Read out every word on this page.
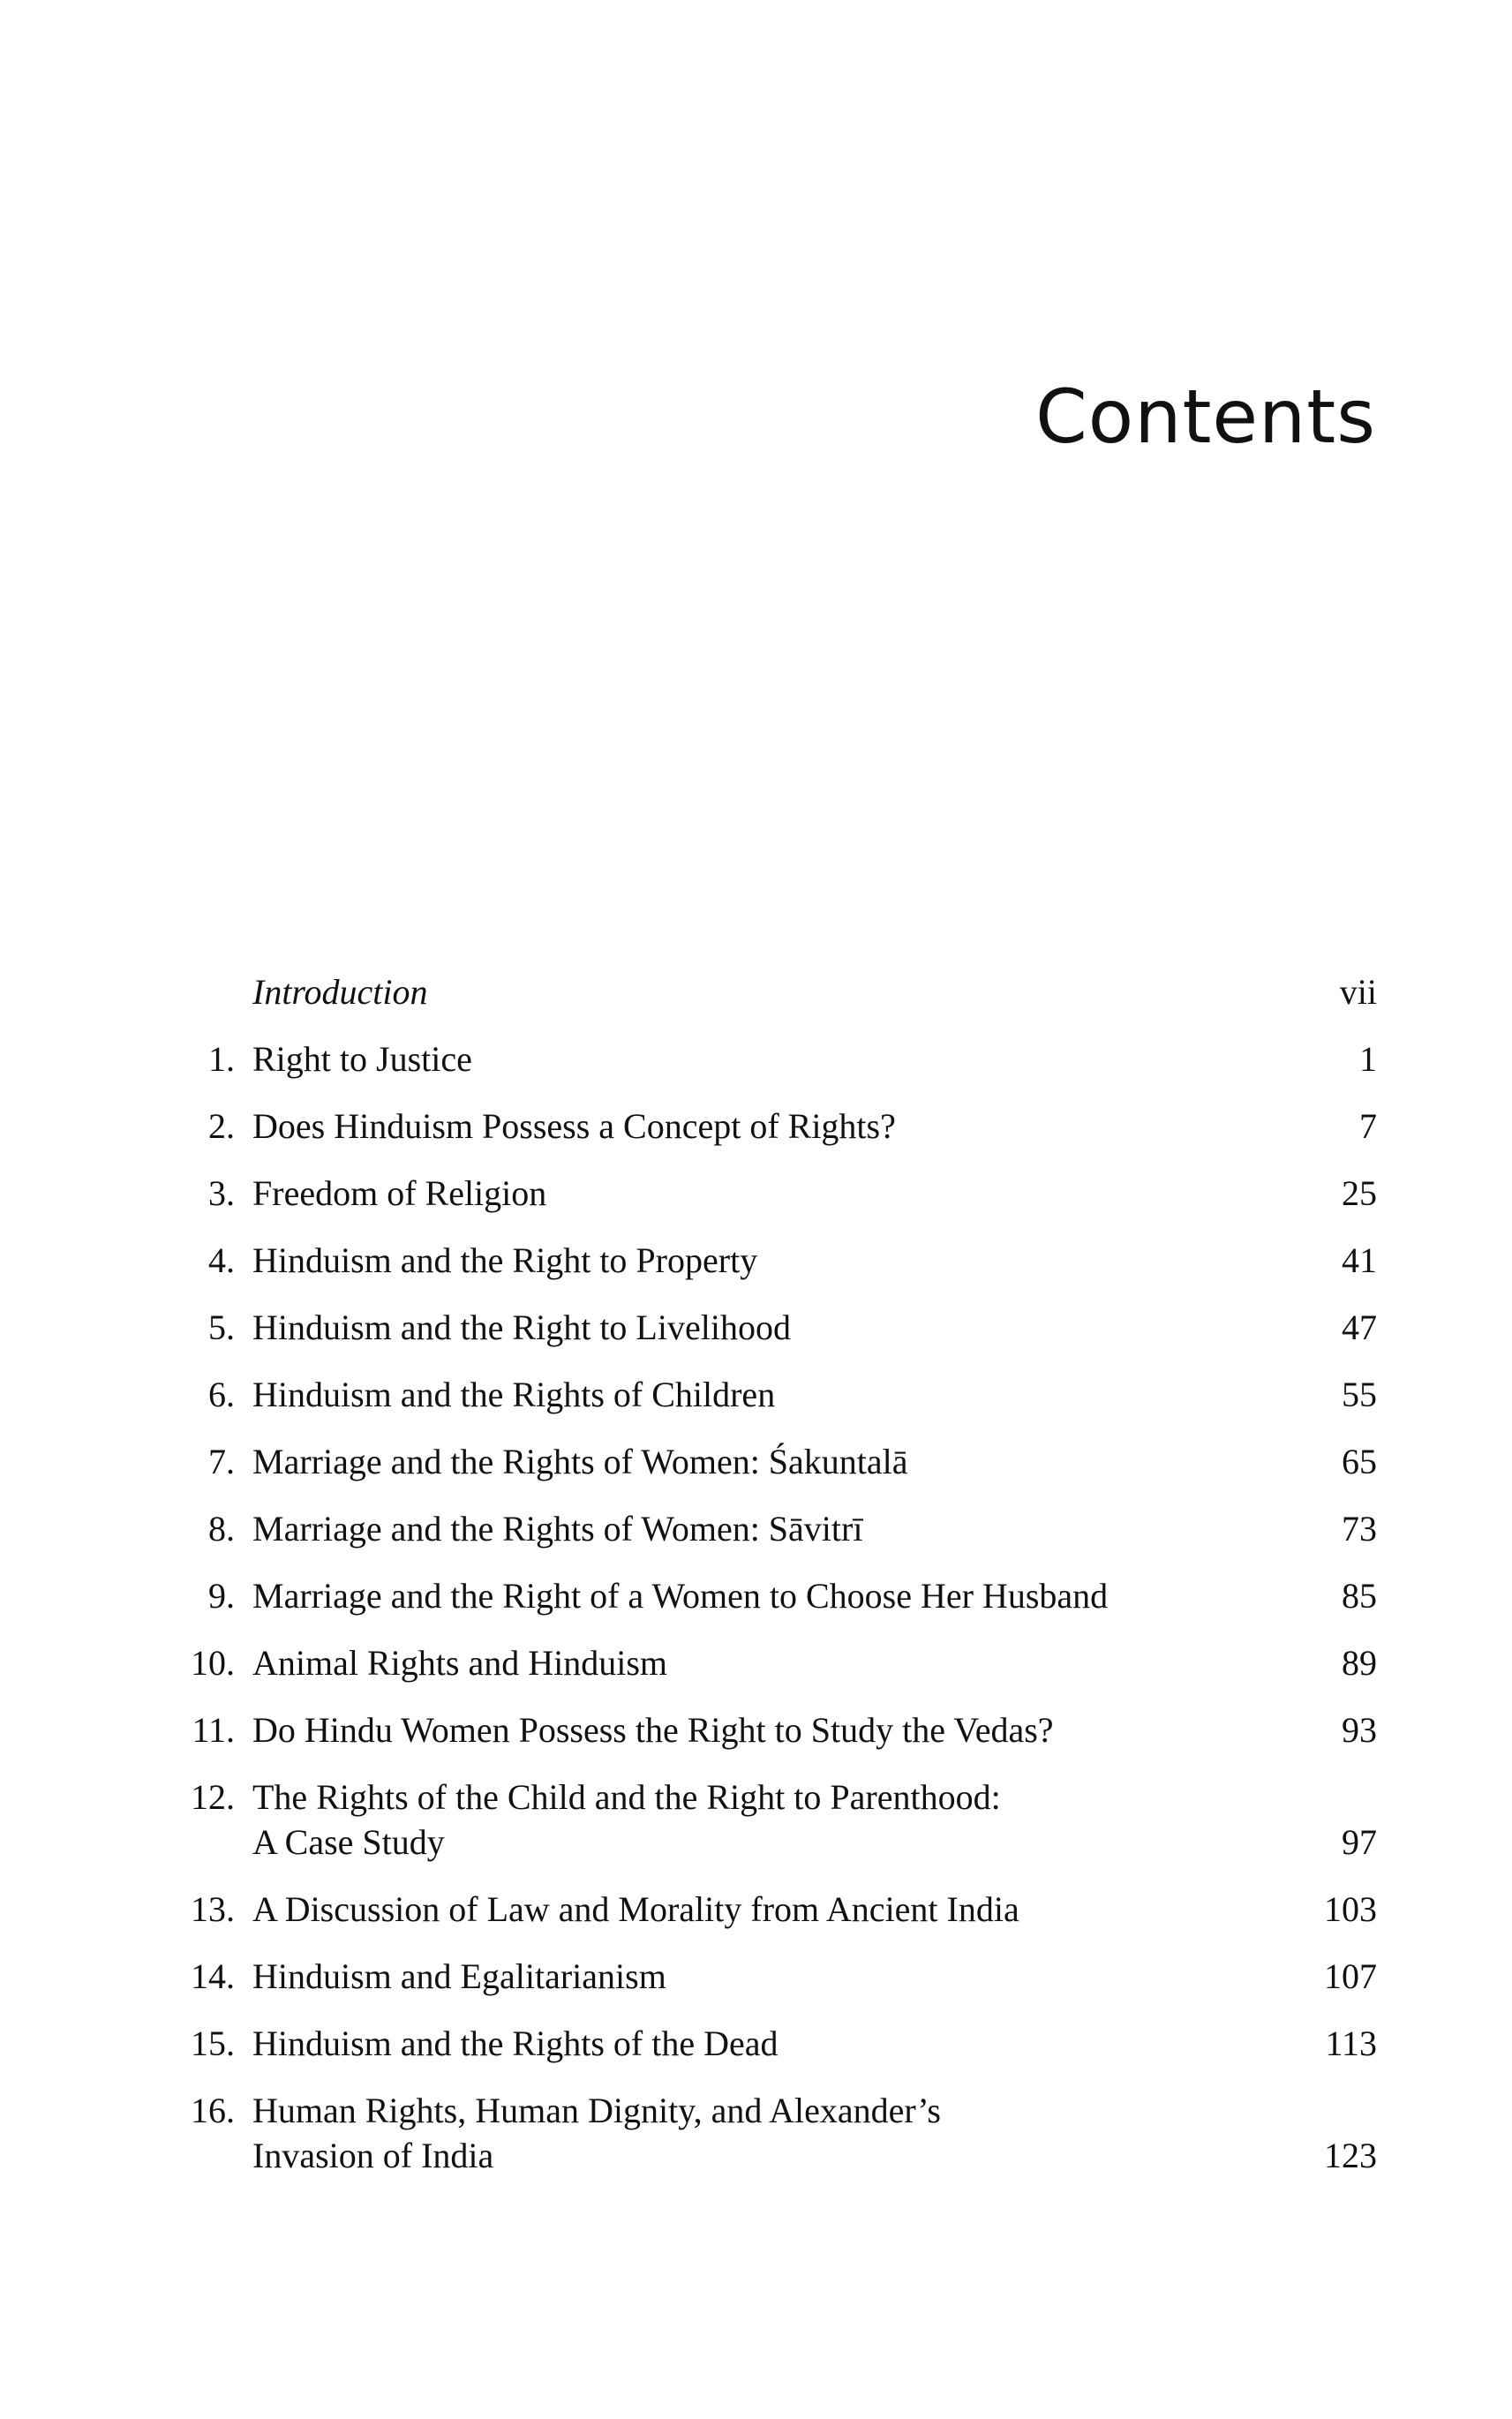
Contents
Introduction	vii
1. Right to Justice	1
2. Does Hinduism Possess a Concept of Rights?	7
3. Freedom of Religion	25
4. Hinduism and the Right to Property	41
5. Hinduism and the Right to Livelihood	47
6. Hinduism and the Rights of Children	55
7. Marriage and the Rights of Women: Śakuntalā	65
8. Marriage and the Rights of Women: Sāvitrī	73
9. Marriage and the Right of a Women to Choose Her Husband	85
10. Animal Rights and Hinduism	89
11. Do Hindu Women Possess the Right to Study the Vedas?	93
12. The Rights of the Child and the Right to Parenthood:
A Case Study	97
13. A Discussion of Law and Morality from Ancient India	103
14. Hinduism and Egalitarianism	107
15. Hinduism and the Rights of the Dead	113
16. Human Rights, Human Dignity, and Alexander’s
Invasion of India	123
